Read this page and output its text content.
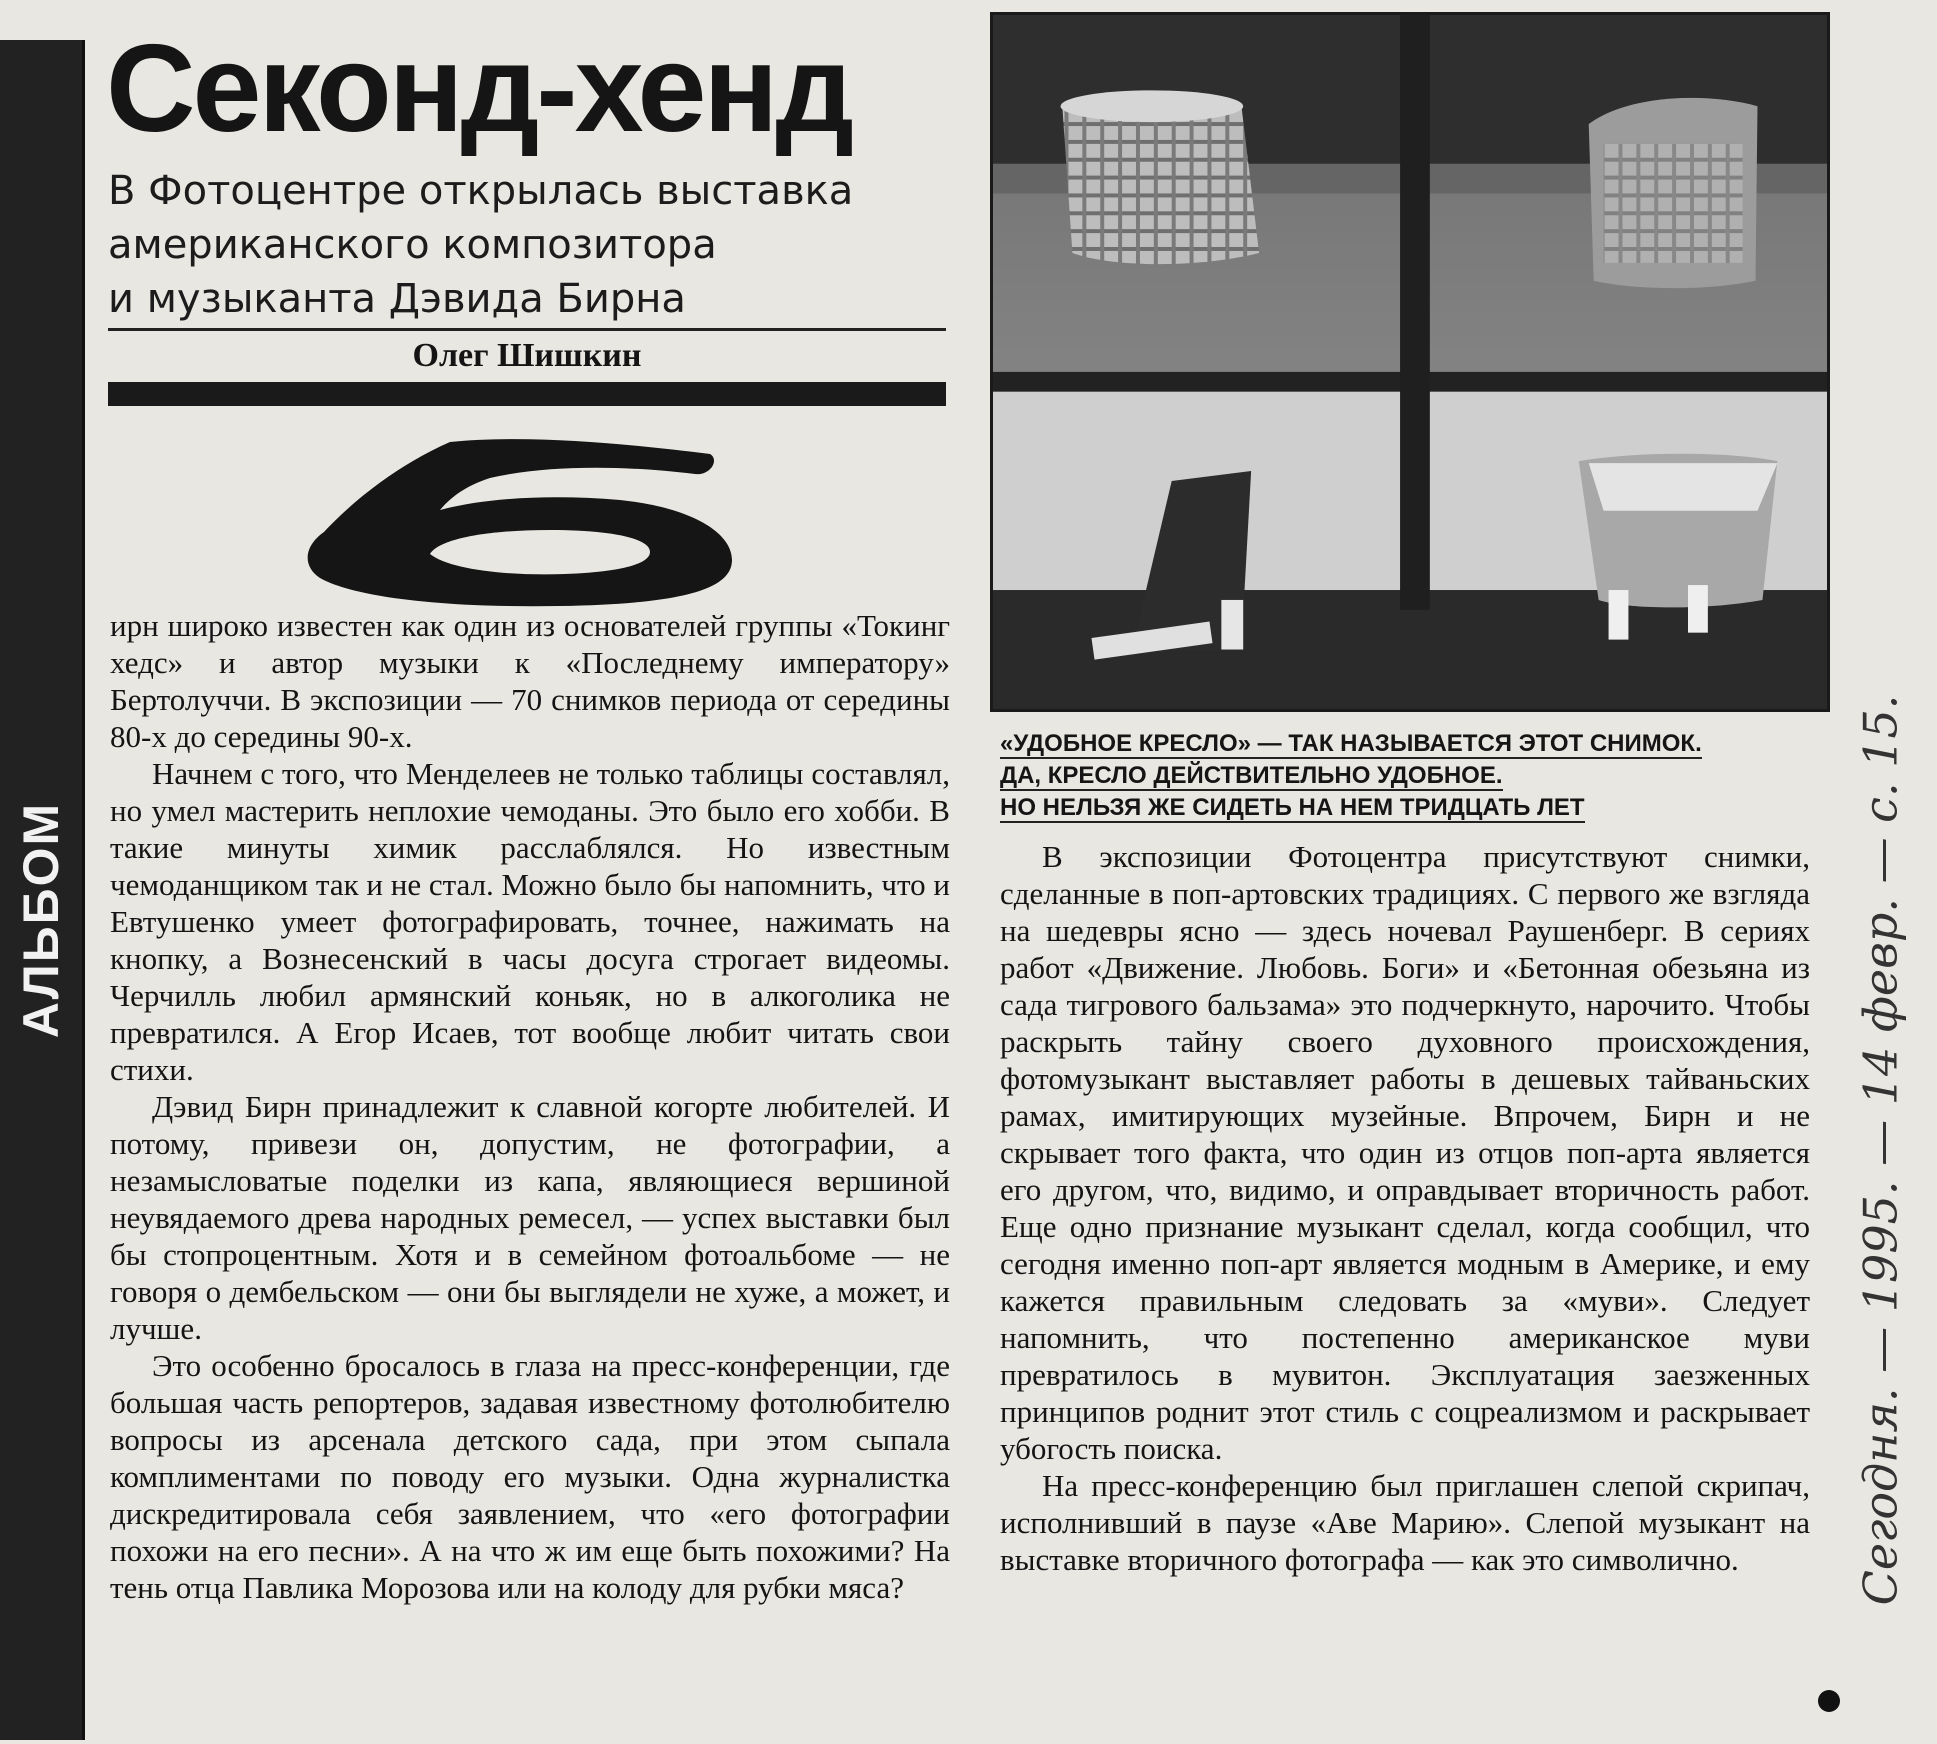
АЛЬБОМ
Секонд-хенд
В Фотоцентре открылась выставка
американского композитора
и музыканта Дэвида Бирна
Олег Шишкин

ирн широко известен как один из основателей группы «Токинг хедс» и автор музыки к «Последнему императору» Бертолуччи. В экспозиции — 70 снимков периода от середины 80-х до середины 90-х.

Начнем с того, что Менделеев не только таблицы составлял, но умел мастерить неплохие чемоданы. Это было его хобби. В такие минуты химик расслаблялся. Но известным чемоданщиком так и не стал. Можно было бы напомнить, что и Евтушенко умеет фотографировать, точнее, нажимать на кнопку, а Вознесенский в часы досуга строгает видеомы. Черчилль любил армянский коньяк, но в алкоголика не превратился. А Егор Исаев, тот вообще любит читать свои стихи.

Дэвид Бирн принадлежит к славной когорте любителей. И потому, привези он, допустим, не фотографии, а незамысловатые поделки из капа, являющиеся вершиной неувядаемого древа народных ремесел, — успех выставки был бы стопроцентным. Хотя и в семейном фотоальбоме — не говоря о дембельском — они бы выглядели не хуже, а может, и лучше.

Это особенно бросалось в глаза на пресс-конференции, где большая часть репортеров, задавая известному фотолюбителю вопросы из арсенала детского сада, при этом сыпала комплиментами по поводу его музыки. Одна журналистка дискредитировала себя заявлением, что «его фотографии похожи на его песни». А на что ж им еще быть похожими? На тень отца Павлика Морозова или на колоду для рубки мяса?

«УДОБНОЕ КРЕСЛО» — ТАК НАЗЫВАЕТСЯ ЭТОТ СНИМОК.
ДА, КРЕСЛО ДЕЙСТВИТЕЛЬНО УДОБНОЕ.
НО НЕЛЬЗЯ ЖЕ СИДЕТЬ НА НЕМ ТРИДЦАТЬ ЛЕТ

В экспозиции Фотоцентра присутствуют снимки, сделанные в поп-артовских традициях. С первого же взгляда на шедевры ясно — здесь ночевал Раушенберг. В сериях работ «Движение. Любовь. Боги» и «Бетонная обезьяна из сада тигрового бальзама» это подчеркнуто, нарочито. Чтобы раскрыть тайну своего духовного происхождения, фотомузыкант выставляет работы в дешевых тайваньских рамах, имитирующих музейные. Впрочем, Бирн и не скрывает того факта, что один из отцов поп-арта является его другом, что, видимо, и оправдывает вторичность работ. Еще одно признание музыкант сделал, когда сообщил, что сегодня именно поп-арт является модным в Америке, и ему кажется правильным следовать за «муви». Следует напомнить, что постепенно американское муви превратилось в мувитон. Эксплуатация заезженных принципов роднит этот стиль с соцреализмом и раскрывает убогость поиска.

На пресс-конференцию был приглашен слепой скрипач, исполнивший в паузе «Аве Марию». Слепой музыкант на выставке вторичного фотографа — как это символично.	Сегодня. — 1995. — 14 февр. — с. 15.
